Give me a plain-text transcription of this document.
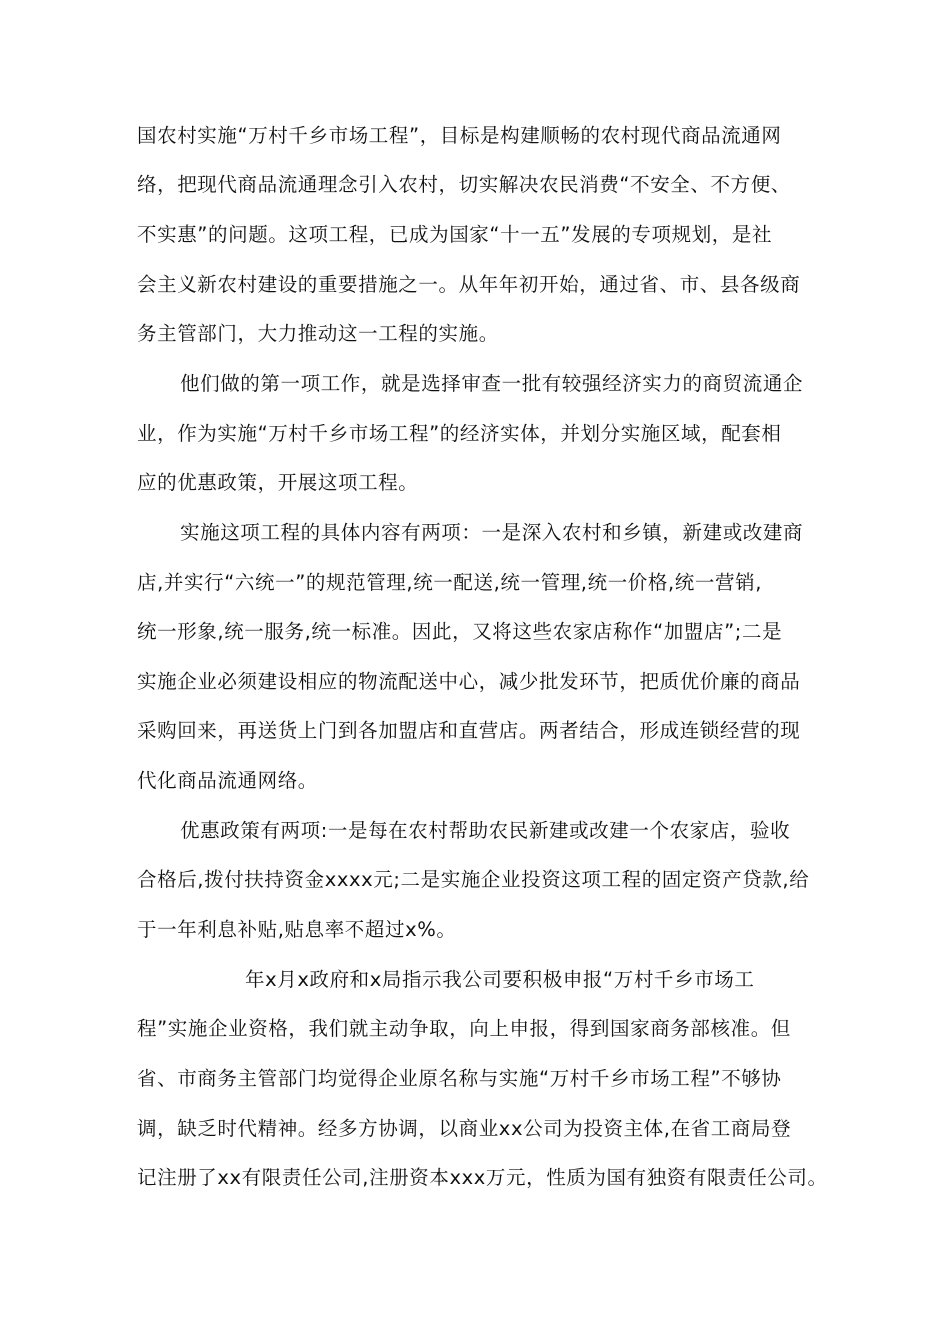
国农村实施“万村千乡市场工程”，目标是构建顺畅的农村现代商品流通网
络，把现代商品流通理念引入农村，切实解决农民消费“不安全、不方便、
不实惠”的问题。这项工程，已成为国家“十一五”发展的专项规划，是社
会主义新农村建设的重要措施之一。从年年初开始，通过省、市、县各级商
务主管部门，大力推动这一工程的实施。
他们做的第一项工作，就是选择审查一批有较强经济实力的商贸流通企
业，作为实施“万村千乡市场工程”的经济实体，并划分实施区域，配套相
应的优惠政策，开展这项工程。
实施这项工程的具体内容有两项：一是深入农村和乡镇，新建或改建商
店,并实行“六统一”的规范管理,统一配送,统一管理,统一价格,统一营销,
统一形象,统一服务,统一标准。因此，又将这些农家店称作“加盟店”;二是
实施企业必须建设相应的物流配送中心，减少批发环节，把质优价廉的商品
采购回来，再送货上门到各加盟店和直营店。两者结合，形成连锁经营的现
代化商品流通网络。
优惠政策有两项:一是每在农村帮助农民新建或改建一个农家店，验收
合格后,拨付扶持资金xxxx元;二是实施企业投资这项工程的固定资产贷款,给
于一年利息补贴,贴息率不超过x%。
年x月x政府和x局指示我公司要积极申报“万村千乡市场工
程”实施企业资格，我们就主动争取，向上申报，得到国家商务部核准。但
省、市商务主管部门均觉得企业原名称与实施“万村千乡市场工程”不够协
调，缺乏时代精神。经多方协调，以商业xx公司为投资主体,在省工商局登
记注册了xx有限责任公司,注册资本xxx万元，性质为国有独资有限责任公司。
